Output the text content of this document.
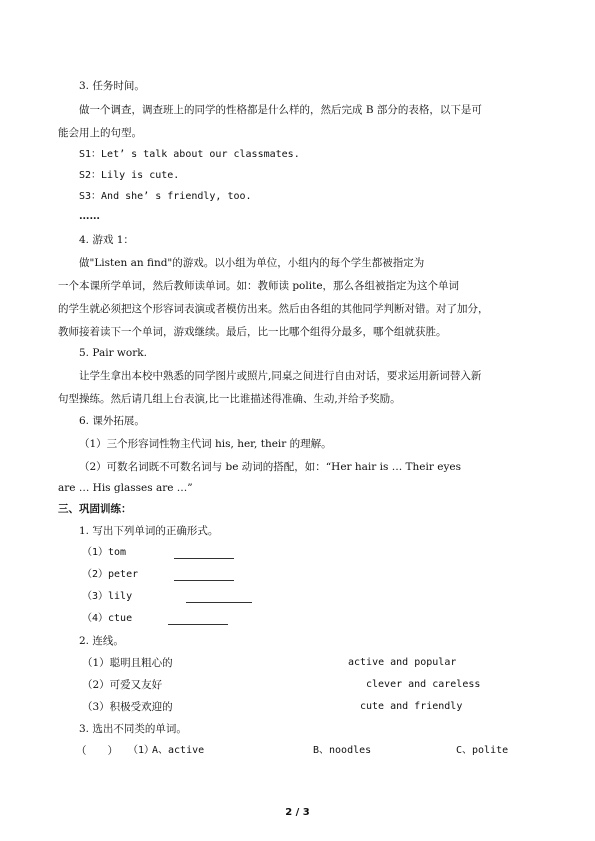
3. 任务时间。
做一个调查，调查班上的同学的性格都是什么样的，然后完成 B 部分的表格，以下是可
能会用上的句型。
S1：Let’ s talk about our classmates.
S2：Lily is cute.
S3：And she’ s friendly, too.
……
4. 游戏 1：
做"Listen an find"的游戏。以小组为单位，小组内的每个学生都被指定为
一个本课所学单词，然后教师读单词。如：教师读 polite，那么各组被指定为这个单词
的学生就必须把这个形容词表演或者模仿出来。然后由各组的其他同学判断对错。对了加分，
教师接着读下一个单词，游戏继续。最后，比一比哪个组得分最多，哪个组就获胜。
5. Pair work.
让学生拿出本校中熟悉的同学图片或照片,同桌之间进行自由对话，要求运用新词替入新
句型操练。然后请几组上台表演,比一比谁描述得准确、生动,并给予奖励。
6. 课外拓展。
（1）三个形容词性物主代词 his, her, their 的理解。
（2）可数名词既不可数名词与 be 动词的搭配，如：“Her hair is … Their eyes
are … His glasses are …”
三、巩固训练：
1. 写出下列单词的正确形式。
（1）tom
（2）peter
（3）lily
（4）ctue
2. 连线。
（1）聪明且粗心的	active and popular
（2）可爱又友好	clever and careless
（3）积极受欢迎的	cute and friendly
3. 选出不同类的单词。
（　　） （1）
A、active	B、noodles	C、polite
2 / 3
